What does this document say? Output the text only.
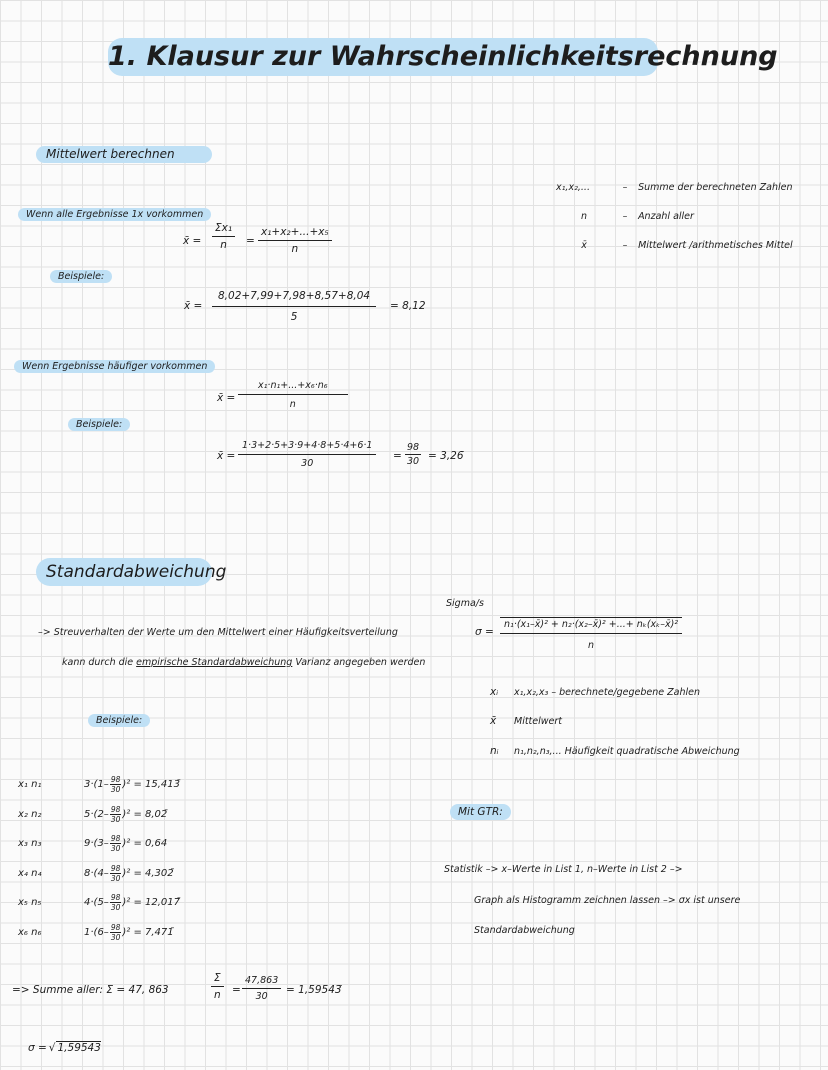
1. Klausur zur Wahrscheinlichkeitsrechnung
Mittelwert berechnen
Wenn alle Ergebnisse 1x vorkommen
x̄ = $\frac{\text{Σx₁}}{n} = \frac{\text{x₁+x₂+...+x₅}}{n}$
Beispiele:
x̄ = $\frac{8,02+7,99+7,98+8,57+8,04}{5} = 8,12$
Wenn Ergebnisse häufiger vorkommen
x̄ = $\frac{\text{x₁·n₁+...+x₆·n₆}}{n}$
Beispiele:
x̄ = $\frac{1\cdot 3+2\cdot 5+3\cdot 9+4\cdot 8+5\cdot 4+6\cdot 1}{30} = \frac{98}{30}$ = 3,26̄
x₁,x₂,...	– Summe der berechneten Zahlen
n	– Anzahl aller
x̄	– Mittelwert /arithmetisches Mittel
Standardabweichung
–> Streuverhalten der Werte um den Mittelwert einer Häufigkeitsverteilung
kann durch die empirische Standardabweichung Varianz angegeben werden
Sigma/s
$\sigma = \frac{\text{n₁·(x₁–x̄)² + n₂·(x₂–x̄)² +...+ nₖ(xₖ–x̄)²}}{n}$
xᵢ x₁,x₂,x₃ – berechnete/gegebene Zahlen
x̄ Mittelwert
nᵢ n₁,n₂,n₃,... Häufigkeit quadratische Abweichung
Beispiele:
x₁ n₁	$3\cdot(1- \frac{98}{30} )^2$ = 15,413̄
x₂ n₂	$5\cdot(2- \frac{98}{30} )^2$ = 8,02̄
x₃ n₃	$9\cdot(3- \frac{98}{30} )^2 = 0,64$
x₄ n₄	$8\cdot(4- \frac{98}{30} )^2$ = 4,302̄
x₅ n₅	$4\cdot(5- \frac{98}{30} )^2$ = 12,017̄
x₆ n₆	$1\cdot(6- \frac{98}{30} )^2$ = 7,471̄
Mit GTR:
Statistik –> x–Werte in List 1, n–Werte in List 2 –>
Graph als Histogramm zeichnen lassen –> σx ist unsere
Standardabweichung
=> Summe aller: Σ = 47, 863	$\frac{\Sigma}{n} = \frac{47,863}{30}$ = 1,59543̄
σ = √ 1,59543̄
